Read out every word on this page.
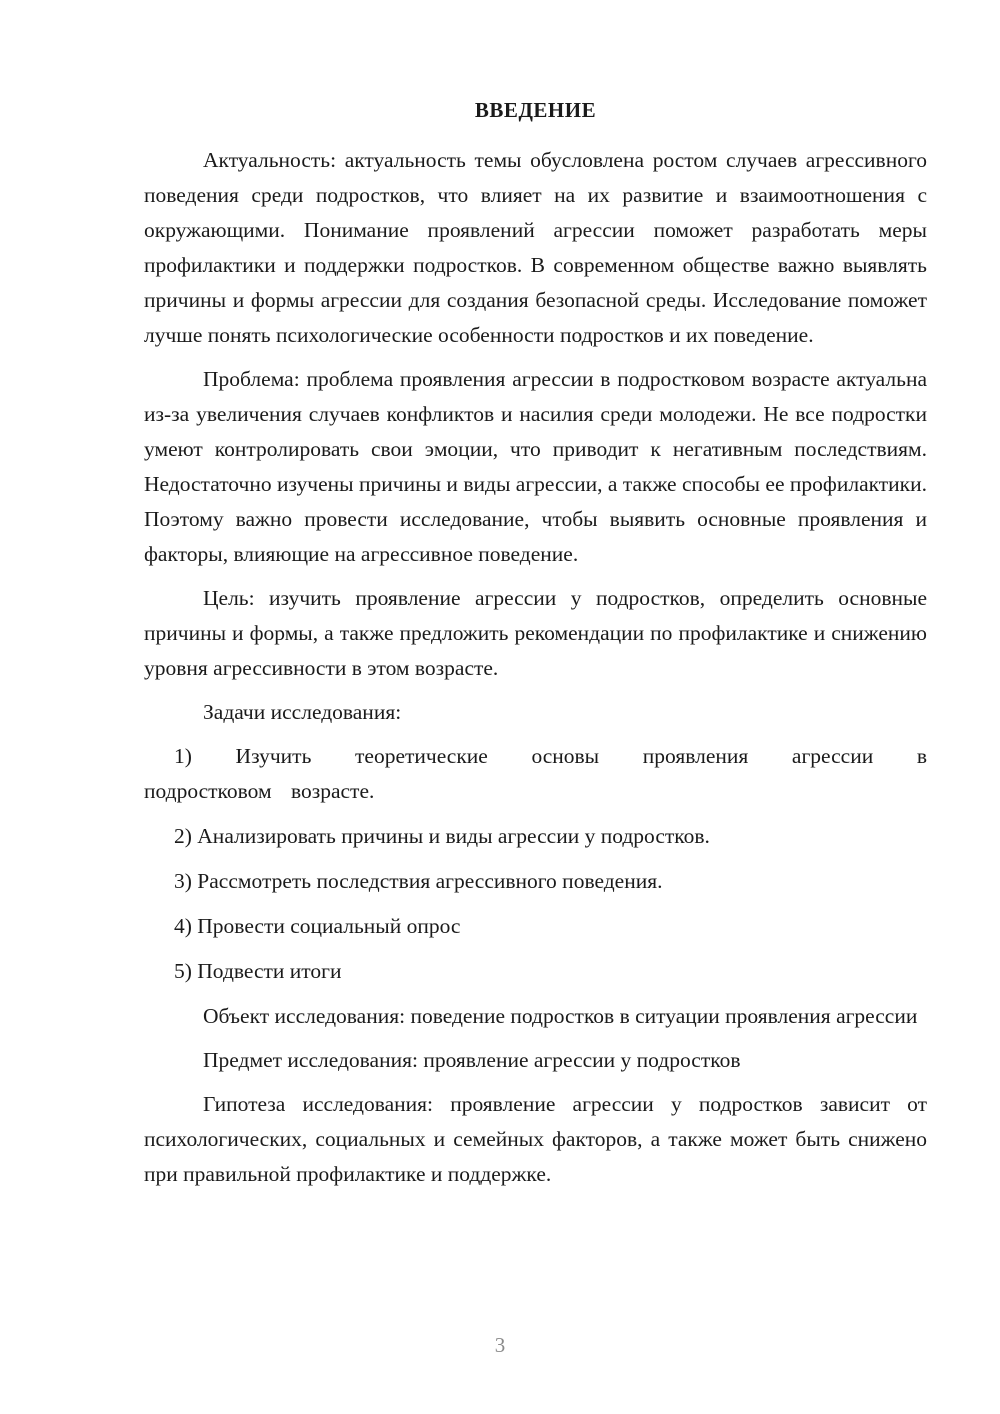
ВВЕДЕНИЕ

Актуальность: актуальность темы обусловлена ростом случаев агрессивного поведения среди подростков, что влияет на их развитие и взаимоотношения с окружающими. Понимание проявлений агрессии поможет разработать меры профилактики и поддержки подростков. В современном обществе важно выявлять причины и формы агрессии для создания безопасной среды. Исследование поможет лучше понять психологические особенности подростков и их поведение.

Проблема: проблема проявления агрессии в подростковом возрасте актуальна из-за увеличения случаев конфликтов и насилия среди молодежи. Не все подростки умеют контролировать свои эмоции, что приводит к негативным последствиям. Недостаточно изучены причины и виды агрессии, а также способы ее профилактики. Поэтому важно провести исследование, чтобы выявить основные проявления и факторы, влияющие на агрессивное поведение.

Цель: изучить проявление агрессии у подростков, определить основные причины и формы, а также предложить рекомендации по профилактике и снижению уровня агрессивности в этом возрасте.

Задачи исследования:

1) Изучить теоретические основы проявления агрессии в подростковом возрасте.

2) Анализировать причины и виды агрессии у подростков.

3) Рассмотреть последствия агрессивного поведения.

4) Провести социальный опрос

5) Подвести итоги

Объект исследования: поведение подростков в ситуации проявления агрессии

Предмет исследования: проявление агрессии у подростков

Гипотеза исследования: проявление агрессии у подростков зависит от психологических, социальных и семейных факторов, а также может быть снижено при правильной профилактике и поддержке.

3
